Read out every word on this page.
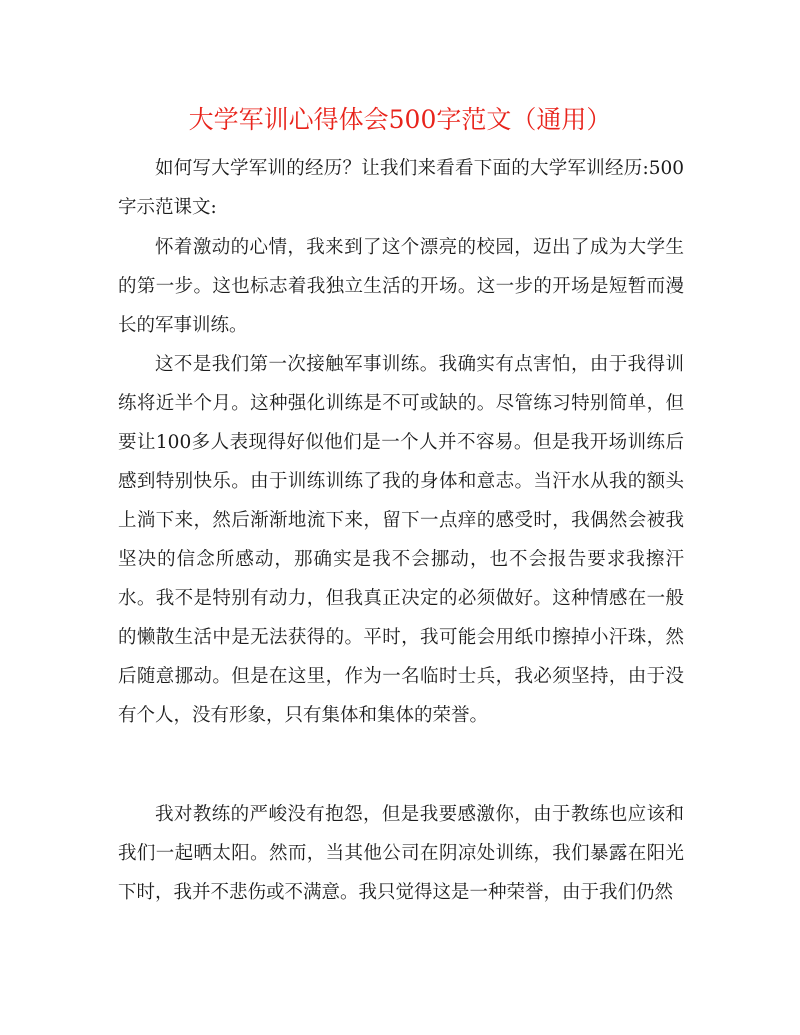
大学军训心得体会500字范文（通用）

如何写大学军训的经历？让我们来看看下面的大学军训经历:500字示范课文:

怀着激动的心情，我来到了这个漂亮的校园，迈出了成为大学生的第一步。这也标志着我独立生活的开场。这一步的开场是短暂而漫长的军事训练。

这不是我们第一次接触军事训练。我确实有点害怕，由于我得训练将近半个月。这种强化训练是不可或缺的。尽管练习特别简单，但要让100多人表现得好似他们是一个人并不容易。但是我开场训练后感到特别快乐。由于训练训练了我的身体和意志。当汗水从我的额头上淌下来，然后渐渐地流下来，留下一点痒的感受时，我偶然会被我坚决的信念所感动，那确实是我不会挪动，也不会报告要求我擦汗水。我不是特别有动力，但我真正决定的必须做好。这种情感在一般的懒散生活中是无法获得的。平时，我可能会用纸巾擦掉小汗珠，然后随意挪动。但是在这里，作为一名临时士兵，我必须坚持，由于没有个人，没有形象，只有集体和集体的荣誉。

我对教练的严峻没有抱怨，但是我要感激你，由于教练也应该和我们一起晒太阳。然而，当其他公司在阴凉处训练，我们暴露在阳光下时，我并不悲伤或不满意。我只觉得这是一种荣誉，由于我们仍然
